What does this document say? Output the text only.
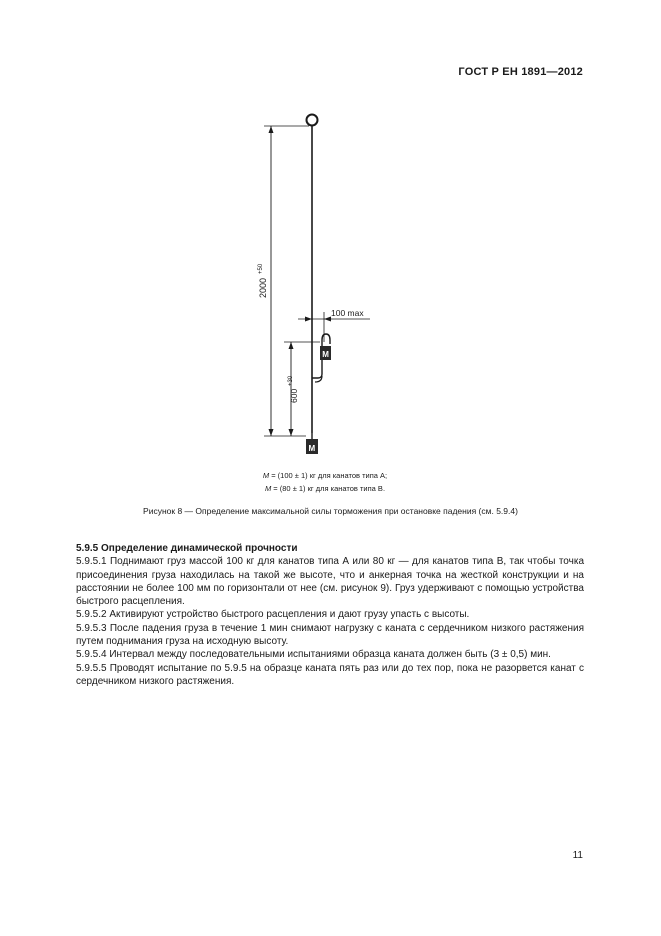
ГОСТ Р ЕН 1891—2012
2000
+50
100 max
M
600
+30
M
M = (100 ± 1) кг для канатов типа А;
M = (80 ± 1) кг для канатов типа В.
Рисунок 8 — Определение максимальной силы торможения при остановке падения (см. 5.9.4)

5.9.5 Определение динамической прочности

5.9.5.1 Поднимают груз массой 100 кг для канатов типа А или 80 кг — для канатов типа В, так чтобы точка присоединения груза находилась на такой же высоте, что и анкерная точка на жесткой конструкции и на расстоянии не более 100 мм по горизонтали от нее (см. рисунок 9). Груз удерживают с помощью устройства быстрого расцепления.

5.9.5.2 Активируют устройство быстрого расцепления и дают грузу упасть с высоты.

5.9.5.3 После падения груза в течение 1 мин снимают нагрузку с каната с сердечником низкого растяжения путем поднимания груза на исходную высоту.

5.9.5.4 Интервал между последовательными испытаниями образца каната должен быть (3 ± 0,5) мин.

5.9.5.5 Проводят испытание по 5.9.5 на образце каната пять раз или до тех пор, пока не разорвется канат с сердечником низкого растяжения.

11
